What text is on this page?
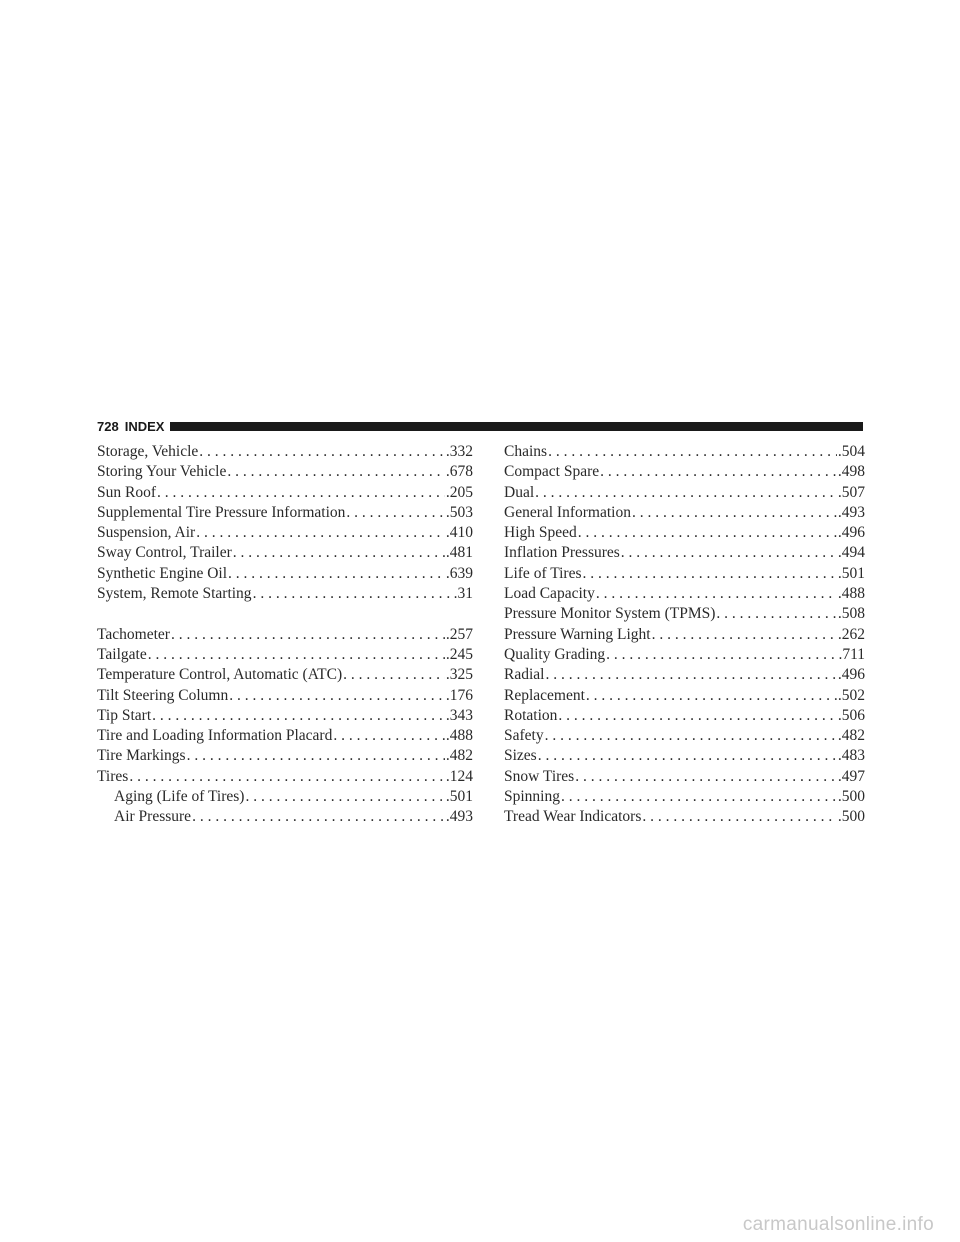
728 INDEX
Storage, Vehicle . . .	.332
Storing Your Vehicle . . .	.678
Sun Roof . . .	.205
Supplemental Tire Pressure Information . . .	.503
Suspension, Air . . .	.410
Sway Control, Trailer . . .	.481
Synthetic Engine Oil . . .	.639
System, Remote Starting . . .	.31
Tachometer . . .	.257
Tailgate . . .	.245
Temperature Control, Automatic (ATC) . . .	.325
Tilt Steering Column . . .	.176
Tip Start . . .	.343
Tire and Loading Information Placard . . .	.488
Tire Markings . . .	.482
Tires . . .	.124
Aging (Life of Tires) . . .	.501
Air Pressure . . .	.493
Chains . . .	.504
Compact Spare . . .	.498
Dual . . .	.507
General Information . . .	.493
High Speed . . .	.496
Inflation Pressures . . .	.494
Life of Tires . . .	.501
Load Capacity . . .	.488
Pressure Monitor System (TPMS) . . .	.508
Pressure Warning Light . . .	.262
Quality Grading . . .	.711
Radial . . .	.496
Replacement . . .	.502
Rotation . . .	.506
Safety . . .	.482
Sizes . . .	.483
Snow Tires . . .	.497
Spinning . . .	.500
Tread Wear Indicators . . .	.500
carmanualsonline.info
